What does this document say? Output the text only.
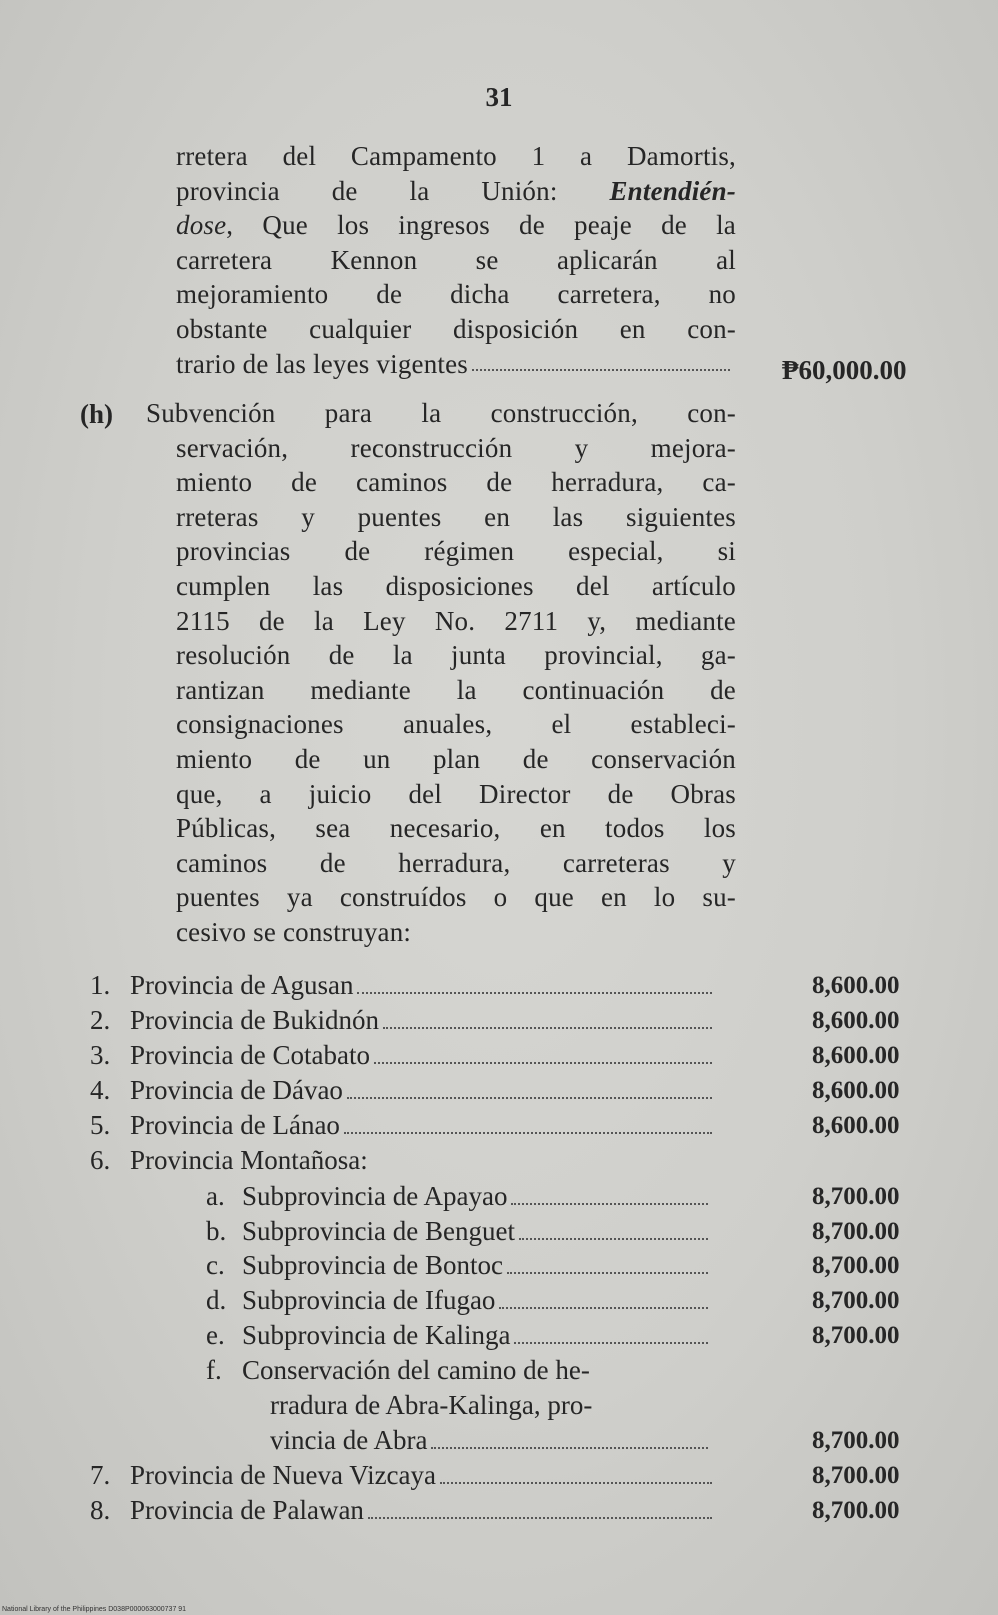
31
rretera del Campamento 1 a Damortis,
provincia de la Unión: Entendién-
dose, Que los ingresos de peaje de la
carretera Kennon se aplicarán al
mejoramiento de dicha carretera, no
obstante cualquier disposición en con-
trario de las leyes vigentes	₱60,000.00
(h) Subvención para la construcción, con-
servación, reconstrucción y mejora-
miento de caminos de herradura, ca-
rreteras y puentes en las siguientes
provincias de régimen especial, si
cumplen las disposiciones del artículo
2115 de la Ley No. 2711 y, mediante
resolución de la junta provincial, ga-
rantizan mediante la continuación de
consignaciones anuales, el estableci-
miento de un plan de conservación
que, a juicio del Director de Obras
Públicas, sea necesario, en todos los
caminos de herradura, carreteras y
puentes ya construídos o que en lo su-
cesivo se construyan:
1. Provincia de Agusan	8,600.00
2. Provincia de Bukidnón	8,600.00
3. Provincia de Cotabato	8,600.00
4. Provincia de Dávao	8,600.00
5. Provincia de Lánao	8,600.00
6. Provincia Montañosa:
a. Subprovincia de Apayao	8,700.00
b. Subprovincia de Benguet	8,700.00
c. Subprovincia de Bontoc	8,700.00
d. Subprovincia de Ifugao	8,700.00
e. Subprovincia de Kalinga	8,700.00
f. Conservación del camino de he-
rradura de Abra-Kalinga, pro-
vincia de Abra	8,700.00
7. Provincia de Nueva Vizcaya	8,700.00
8. Provincia de Palawan	8,700.00
National Library of the Philippines D038P000063000737 91
